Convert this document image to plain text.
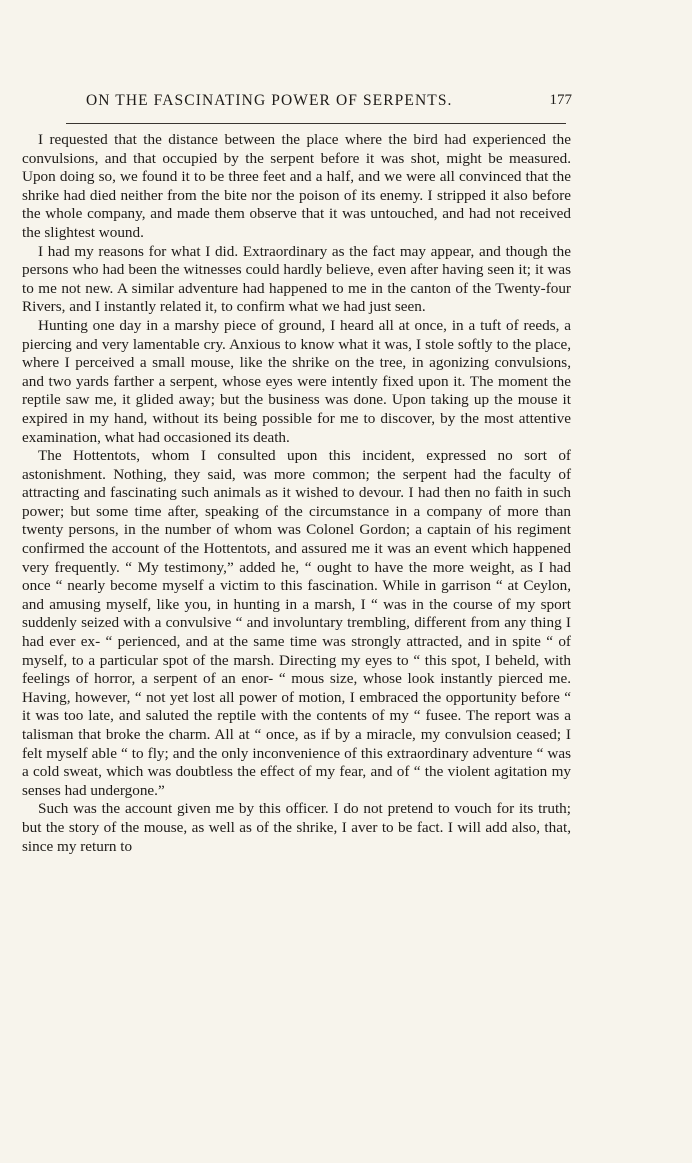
ON THE FASCINATING POWER OF SERPENTS.	177

I requested that the distance between the place where the bird had experienced the convulsions, and that occupied by the serpent before it was shot, might be measured. Upon doing so, we found it to be three feet and a half, and we were all convinced that the shrike had died neither from the bite nor the poison of its enemy. I stripped it also before the whole company, and made them observe that it was untouched, and had not received the slightest wound.

I had my reasons for what I did. Extraordinary as the fact may appear, and though the persons who had been the witnesses could hardly believe, even after having seen it; it was to me not new. A similar adventure had happened to me in the canton of the Twenty-four Rivers, and I instantly related it, to confirm what we had just seen.

Hunting one day in a marshy piece of ground, I heard all at once, in a tuft of reeds, a piercing and very lamentable cry. Anxious to know what it was, I stole softly to the place, where I perceived a small mouse, like the shrike on the tree, in agonizing convulsions, and two yards farther a serpent, whose eyes were intently fixed upon it. The moment the reptile saw me, it glided away; but the business was done. Upon taking up the mouse it expired in my hand, without its being possible for me to discover, by the most attentive examination, what had occasioned its death.

The Hottentots, whom I consulted upon this incident, expressed no sort of astonishment. Nothing, they said, was more common; the serpent had the faculty of attracting and fascinating such animals as it wished to devour. I had then no faith in such power; but some time after, speaking of the circumstance in a company of more than twenty persons, in the number of whom was Colonel Gordon; a captain of his regiment confirmed the account of the Hottentots, and assured me it was an event which happened very frequently. “ My testimony,” added he, “ ought to have the more weight, as I had once “ nearly become myself a victim to this fascination. While in garrison “ at Ceylon, and amusing myself, like you, in hunting in a marsh, I “ was in the course of my sport suddenly seized with a convulsive “ and involuntary trembling, different from any thing I had ever ex- “ perienced, and at the same time was strongly attracted, and in spite “ of myself, to a particular spot of the marsh. Directing my eyes to “ this spot, I beheld, with feelings of horror, a serpent of an enor- “ mous size, whose look instantly pierced me. Having, however, “ not yet lost all power of motion, I embraced the opportunity before “ it was too late, and saluted the reptile with the contents of my “ fusee. The report was a talisman that broke the charm. All at “ once, as if by a miracle, my convulsion ceased; I felt myself able “ to fly; and the only inconvenience of this extraordinary adventure “ was a cold sweat, which was doubtless the effect of my fear, and of “ the violent agitation my senses had undergone.”

Such was the account given me by this officer. I do not pretend to vouch for its truth; but the story of the mouse, as well as of the shrike, I aver to be fact. I will add also, that, since my return to
